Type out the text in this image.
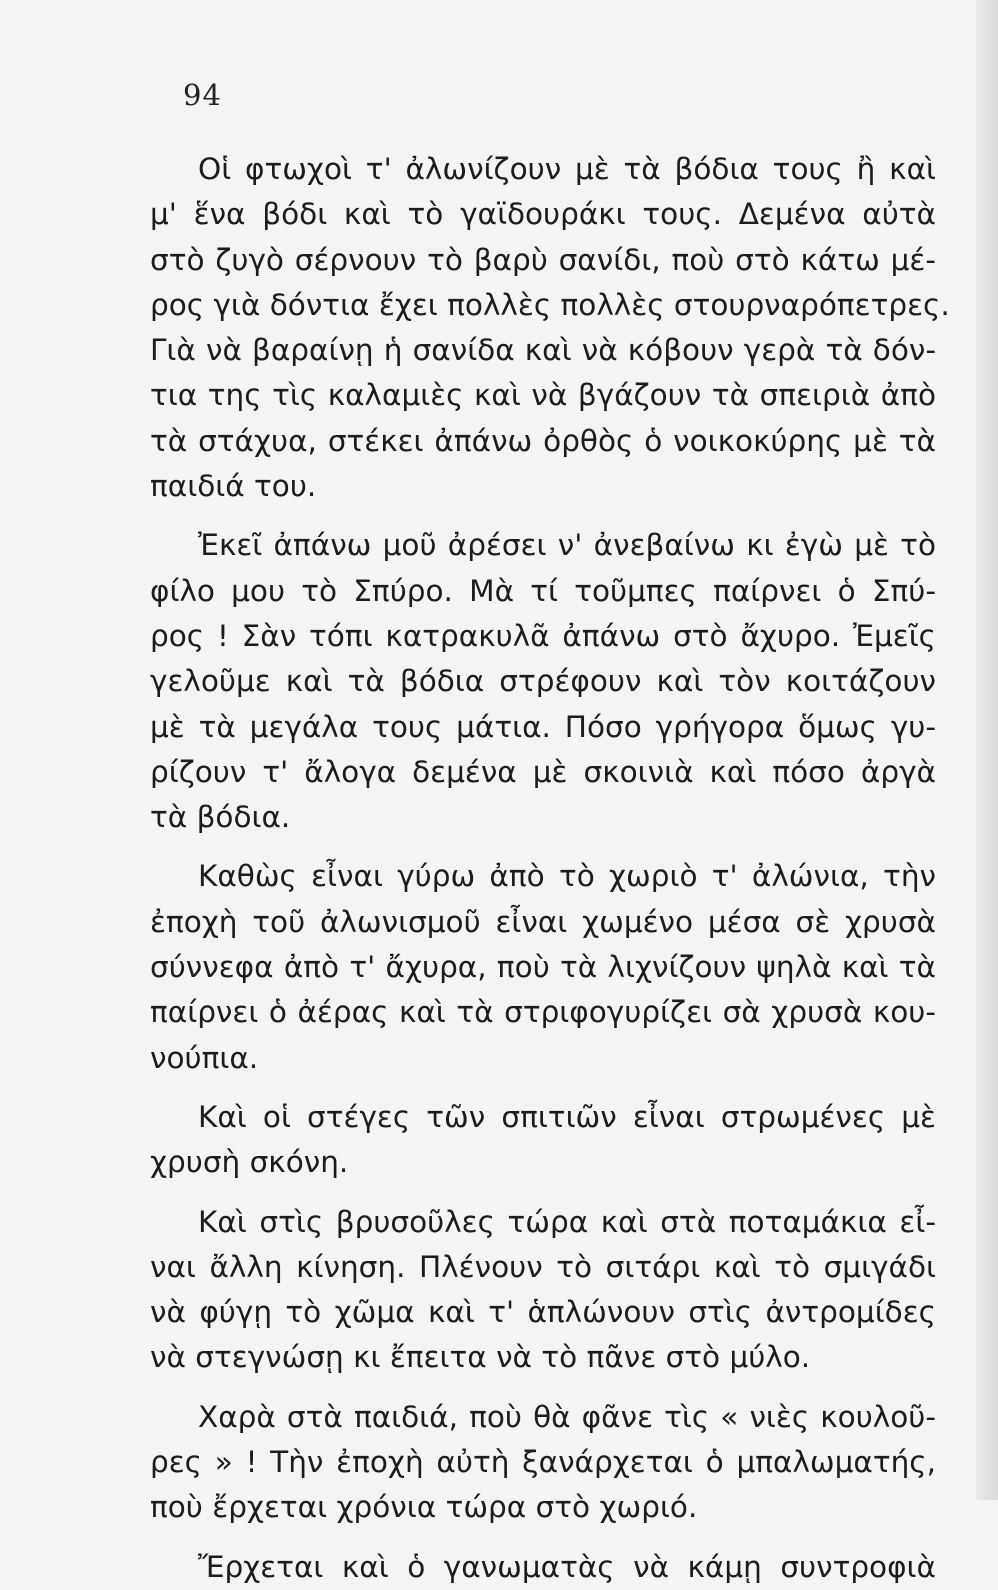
94
Οἱ φτωχοὶ τ' ἀλωνίζουν μὲ τὰ βόδια τους ἢ καὶ
μ' ἕνα βόδι καὶ τὸ γαϊδουράκι τους. Δεμένα αὐτὰ
στὸ ζυγὸ σέρνουν τὸ βαρὺ σανίδι, ποὺ στὸ κάτω μέ-
ρος γιὰ δόντια ἔχει πολλὲς πολλὲς στουρναρόπετρες.
Γιὰ νὰ βαραίνῃ ἡ σανίδα καὶ νὰ κόβουν γερὰ τὰ δόν-
τια της τὶς καλαμιὲς καὶ νὰ βγάζουν τὰ σπειριὰ ἀπὸ
τὰ στάχυα, στέκει ἀπάνω ὀρθὸς ὁ νοικοκύρης μὲ τὰ
παιδιά του.
Ἐκεῖ ἀπάνω μοῦ ἀρέσει ν' ἀνεβαίνω κι ἐγὼ μὲ τὸ
φίλο μου τὸ Σπύρο. Μὰ τί τοῦμπες παίρνει ὁ Σπύ-
ρος ! Σὰν τόπι κατρακυλᾶ ἀπάνω στὸ ἄχυρο. Ἐμεῖς
γελοῦμε καὶ τὰ βόδια στρέφουν καὶ τὸν κοιτάζουν
μὲ τὰ μεγάλα τους μάτια. Πόσο γρήγορα ὅμως γυ-
ρίζουν τ' ἄλογα δεμένα μὲ σκοινιὰ καὶ πόσο ἀργὰ
τὰ βόδια.
Καθὼς εἶναι γύρω ἀπὸ τὸ χωριὸ τ' ἀλώνια, τὴν
ἐποχὴ τοῦ ἀλωνισμοῦ εἶναι χωμένο μέσα σὲ χρυσὰ
σύννεφα ἀπὸ τ' ἄχυρα, ποὺ τὰ λιχνίζουν ψηλὰ καὶ τὰ
παίρνει ὁ ἀέρας καὶ τὰ στριφογυρίζει σὰ χρυσὰ κου-
νούπια.
Καὶ οἱ στέγες τῶν σπιτιῶν εἶναι στρωμένες μὲ
χρυσὴ σκόνη.
Καὶ στὶς βρυσοῦλες τώρα καὶ στὰ ποταμάκια εἶ-
ναι ἄλλη κίνηση. Πλένουν τὸ σιτάρι καὶ τὸ σμιγάδι
νὰ φύγῃ τὸ χῶμα καὶ τ' ἁπλώνουν στὶς ἀντρομίδες
νὰ στεγνώσῃ κι ἔπειτα νὰ τὸ πᾶνε στὸ μύλο.
Χαρὰ στὰ παιδιά, ποὺ θὰ φᾶνε τὶς « νιὲς κουλοῦ-
ρες » ! Τὴν ἐποχὴ αὐτὴ ξανάρχεται ὁ μπαλωματής,
ποὺ ἔρχεται χρόνια τώρα στὸ χωριό.
Ἔρχεται καὶ ὁ γανωματὰς νὰ κάμῃ συντροφιὰ
